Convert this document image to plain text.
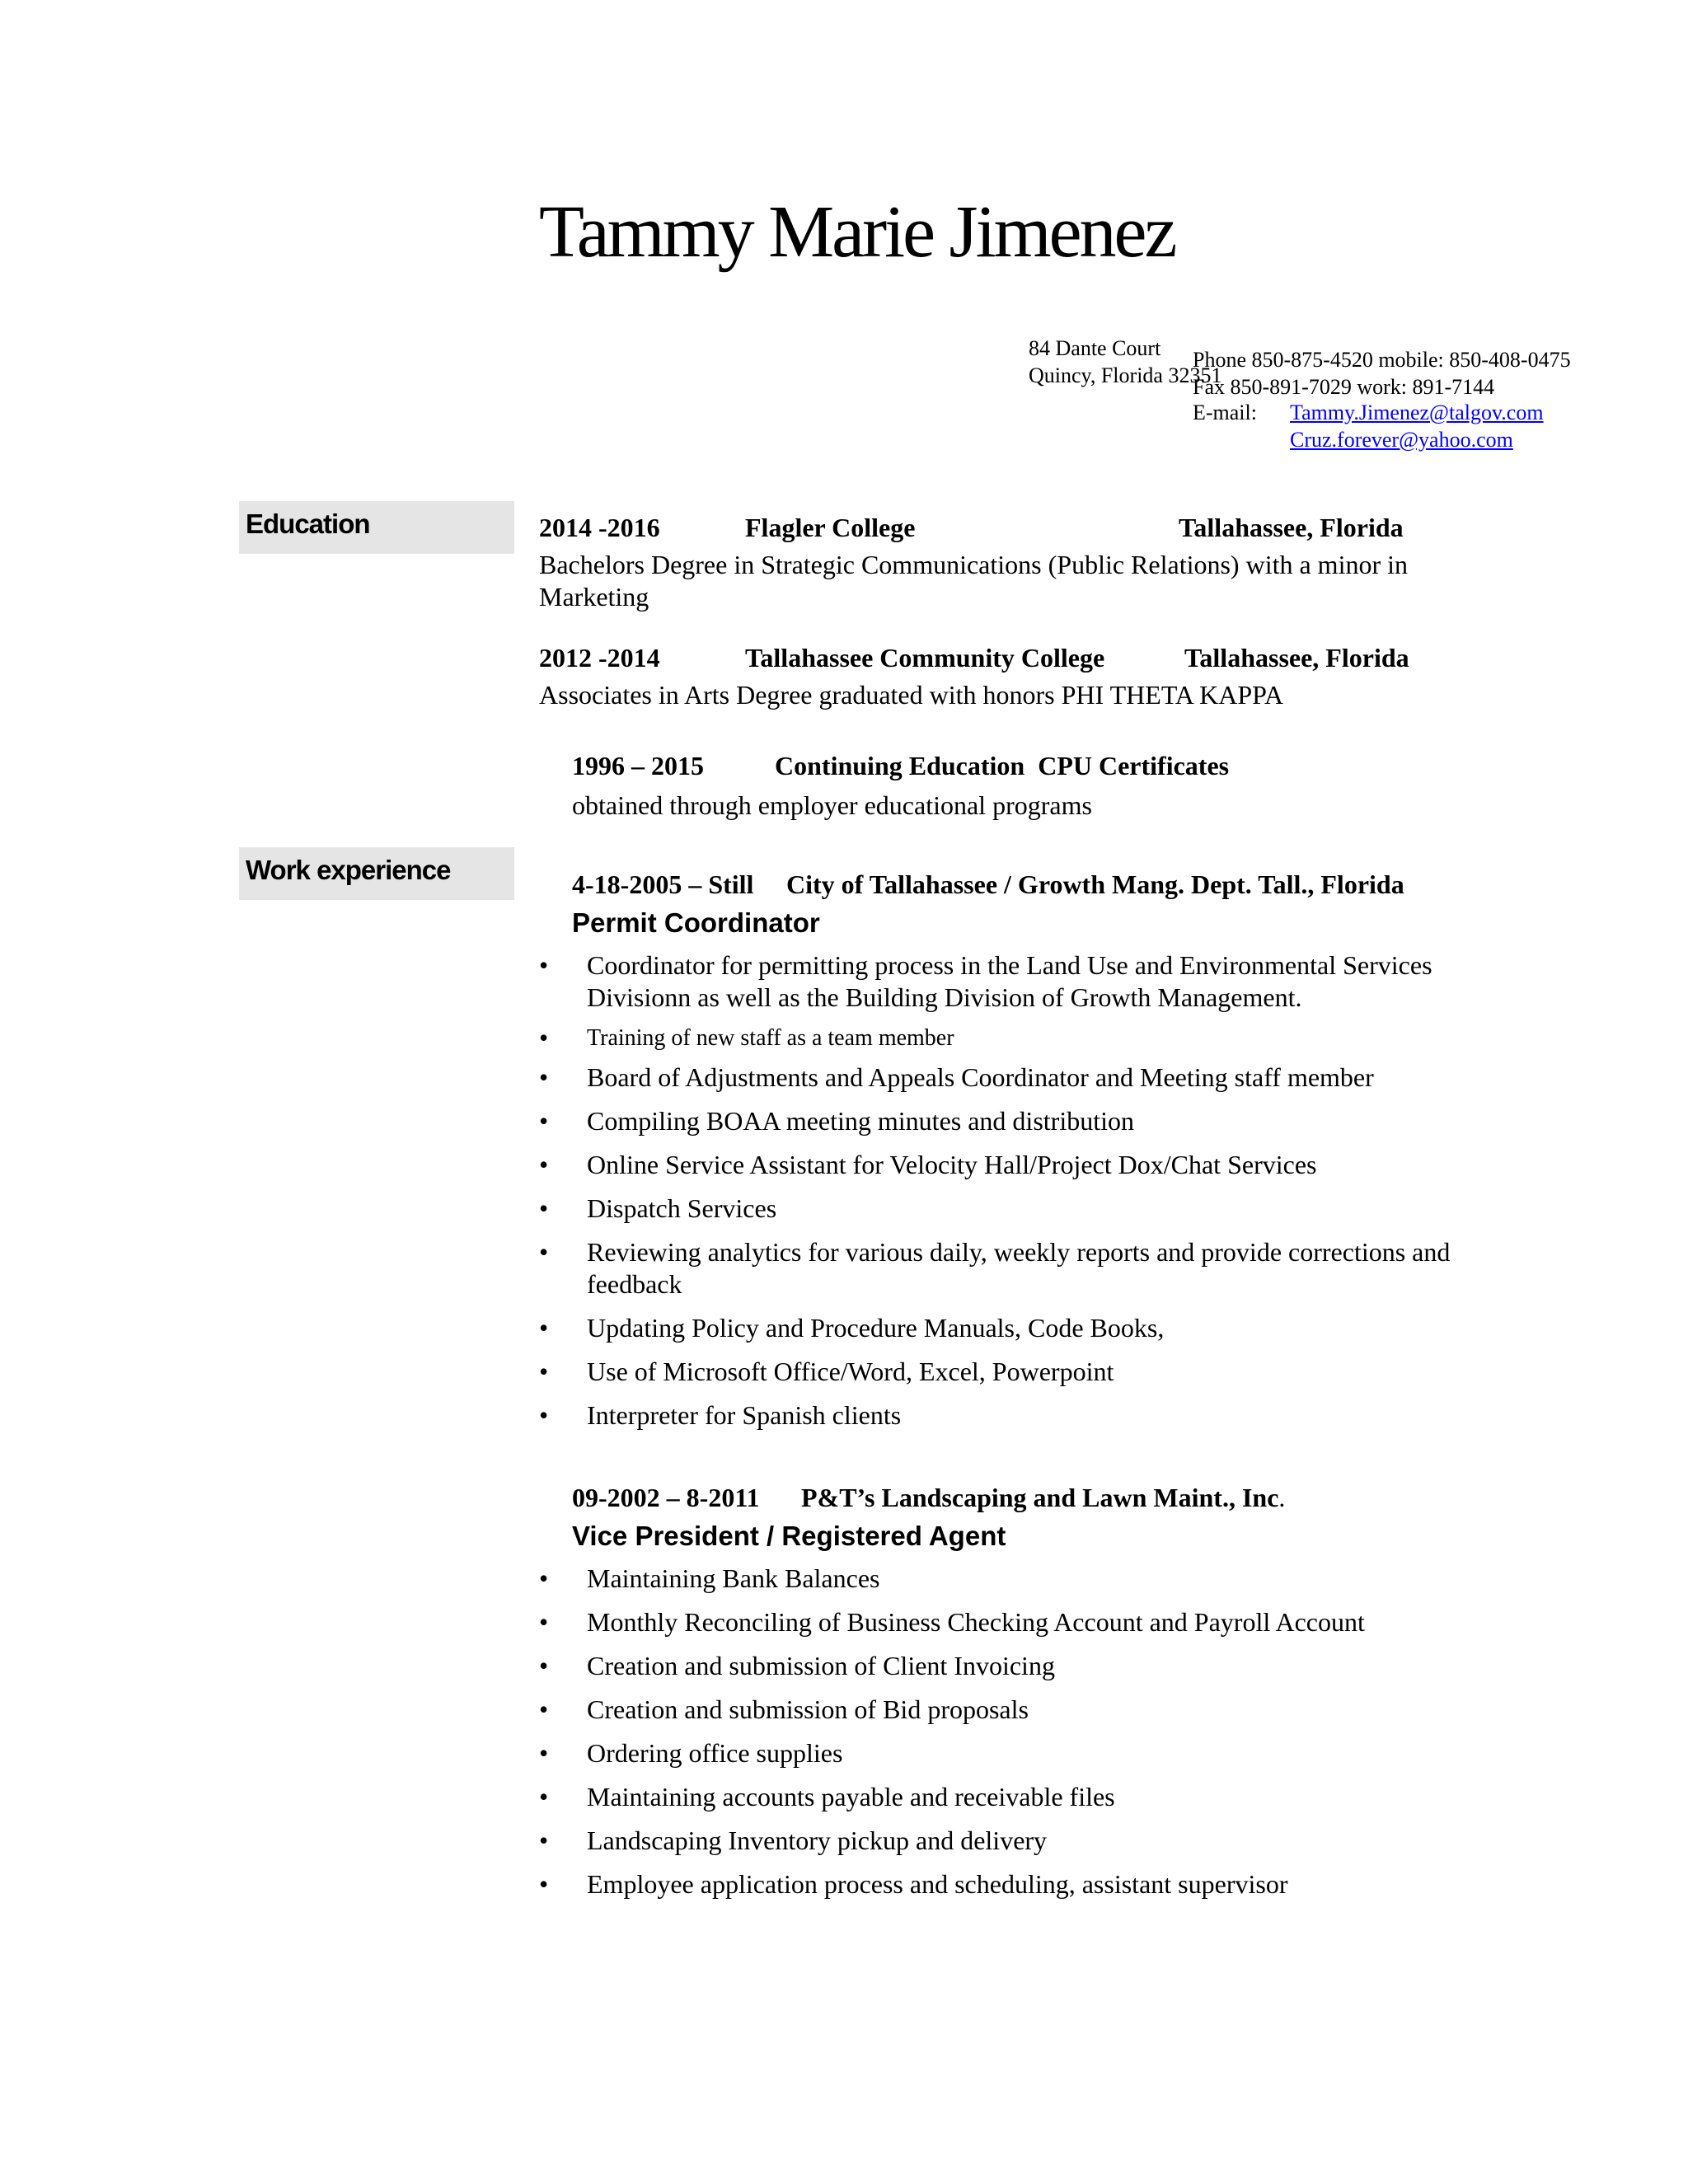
Tammy Marie Jimenez
84 Dante Court
Quincy, Florida 32351
Phone 850-875-4520 mobile: 850-408-0475
Fax 850-891-7029 work: 891-7144
E-mail: Tammy.Jimenez@talgov.com
Cruz.forever@yahoo.com
Education	2014 -2016	Flagler College	Tallahassee, Florida
Bachelors Degree in Strategic Communications (Public Relations) with a minor in Marketing
2012 -2014	Tallahassee Community College	Tallahassee, Florida
Associates in Arts Degree graduated with honors PHI THETA KAPPA
1996 – 2015	Continuing Education  CPU Certificates
obtained through employer educational programs
Work experience	4-18-2005 – Still City of Tallahassee / Growth Mang. Dept. Tall., Florida
Permit Coordinator
•	Coordinator for permitting process in the Land Use and Environmental Services Divisionn as well as the Building Division of Growth Management.
•	Training of new staff as a team member
•	Board of Adjustments and Appeals Coordinator and Meeting staff member
•	Compiling BOAA meeting minutes and distribution
•	Online Service Assistant for Velocity Hall/Project Dox/Chat Services
•	Dispatch Services
•	Reviewing analytics for various daily, weekly reports and provide corrections and feedback
•	Updating Policy and Procedure Manuals, Code Books,
•	Use of Microsoft Office/Word, Excel, Powerpoint
•	Interpreter for Spanish clients
09-2002 – 8-2011 P&T’s Landscaping and Lawn Maint., Inc.
Vice President / Registered Agent
•	Maintaining Bank Balances
•	Monthly Reconciling of Business Checking Account and Payroll Account
•	Creation and submission of Client Invoicing
•	Creation and submission of Bid proposals
•	Ordering office supplies
•	Maintaining accounts payable and receivable files
•	Landscaping Inventory pickup and delivery
•	Employee application process and scheduling, assistant supervisor
